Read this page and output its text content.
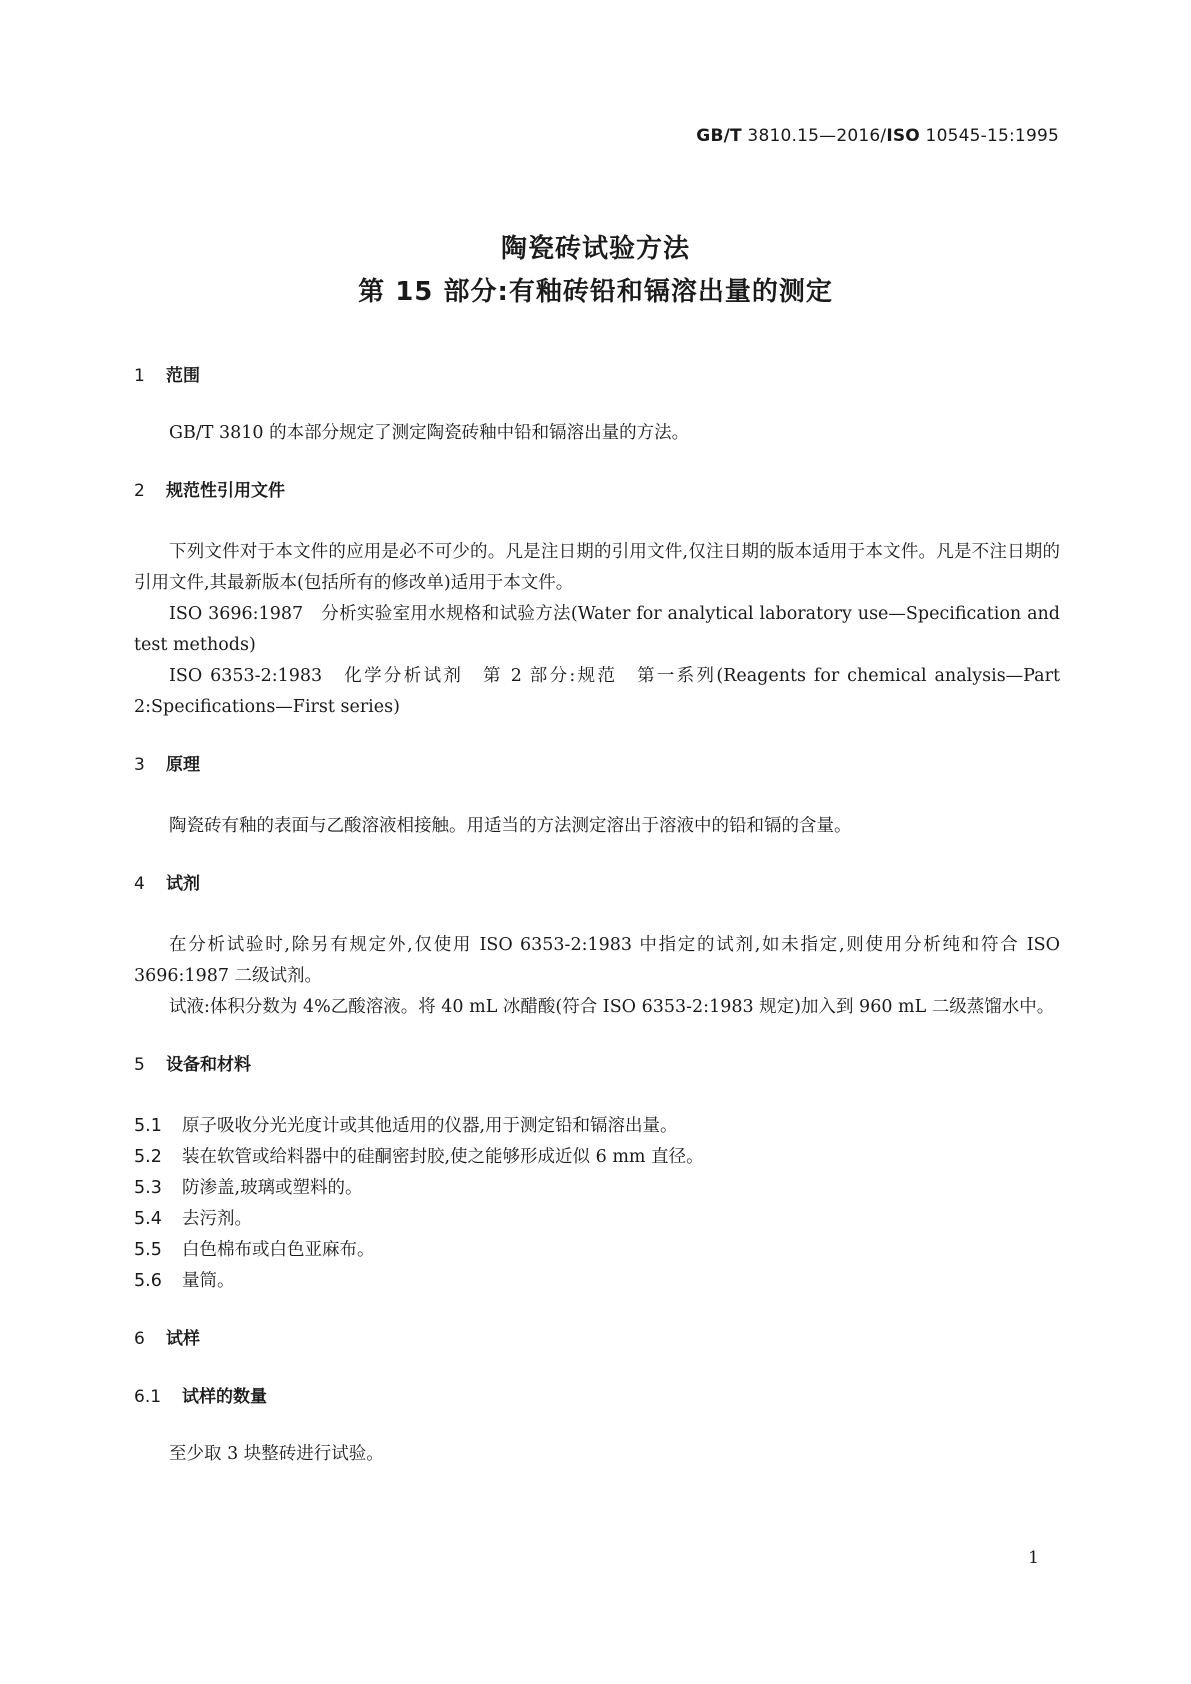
GB/T 3810.15—2016/ISO 10545-15:1995
陶瓷砖试验方法
第 15 部分:有釉砖铅和镉溶出量的测定
1 范围

GB/T 3810 的本部分规定了测定陶瓷砖釉中铅和镉溶出量的方法。

2 规范性引用文件

下列文件对于本文件的应用是必不可少的。凡是注日期的引用文件,仅注日期的版本适用于本文件。凡是不注日期的引用文件,其最新版本(包括所有的修改单)适用于本文件。

ISO 3696:1987　分析实验室用水规格和试验方法(Water for analytical laboratory use—Specification and test methods)

ISO 6353-2:1983　化学分析试剂　第 2 部分:规范　第一系列(Reagents for chemical analysis—Part 2:Specifications—First series)

3 原理

陶瓷砖有釉的表面与乙酸溶液相接触。用适当的方法测定溶出于溶液中的铅和镉的含量。

4 试剂

在分析试验时,除另有规定外,仅使用 ISO 6353-2:1983 中指定的试剂,如未指定,则使用分析纯和符合 ISO 3696:1987 二级试剂。

试液:体积分数为 4%乙酸溶液。将 40 mL 冰醋酸(符合 ISO 6353-2:1983 规定)加入到 960 mL 二级蒸馏水中。

5 设备和材料
5.1 原子吸收分光光度计或其他适用的仪器,用于测定铅和镉溶出量。
5.2 装在软管或给料器中的硅酮密封胶,使之能够形成近似 6 mm 直径。
5.3 防渗盖,玻璃或塑料的。
5.4 去污剂。
5.5 白色棉布或白色亚麻布。
5.6 量筒。
6 试样
6.1 试样的数量

至少取 3 块整砖进行试验。

1
